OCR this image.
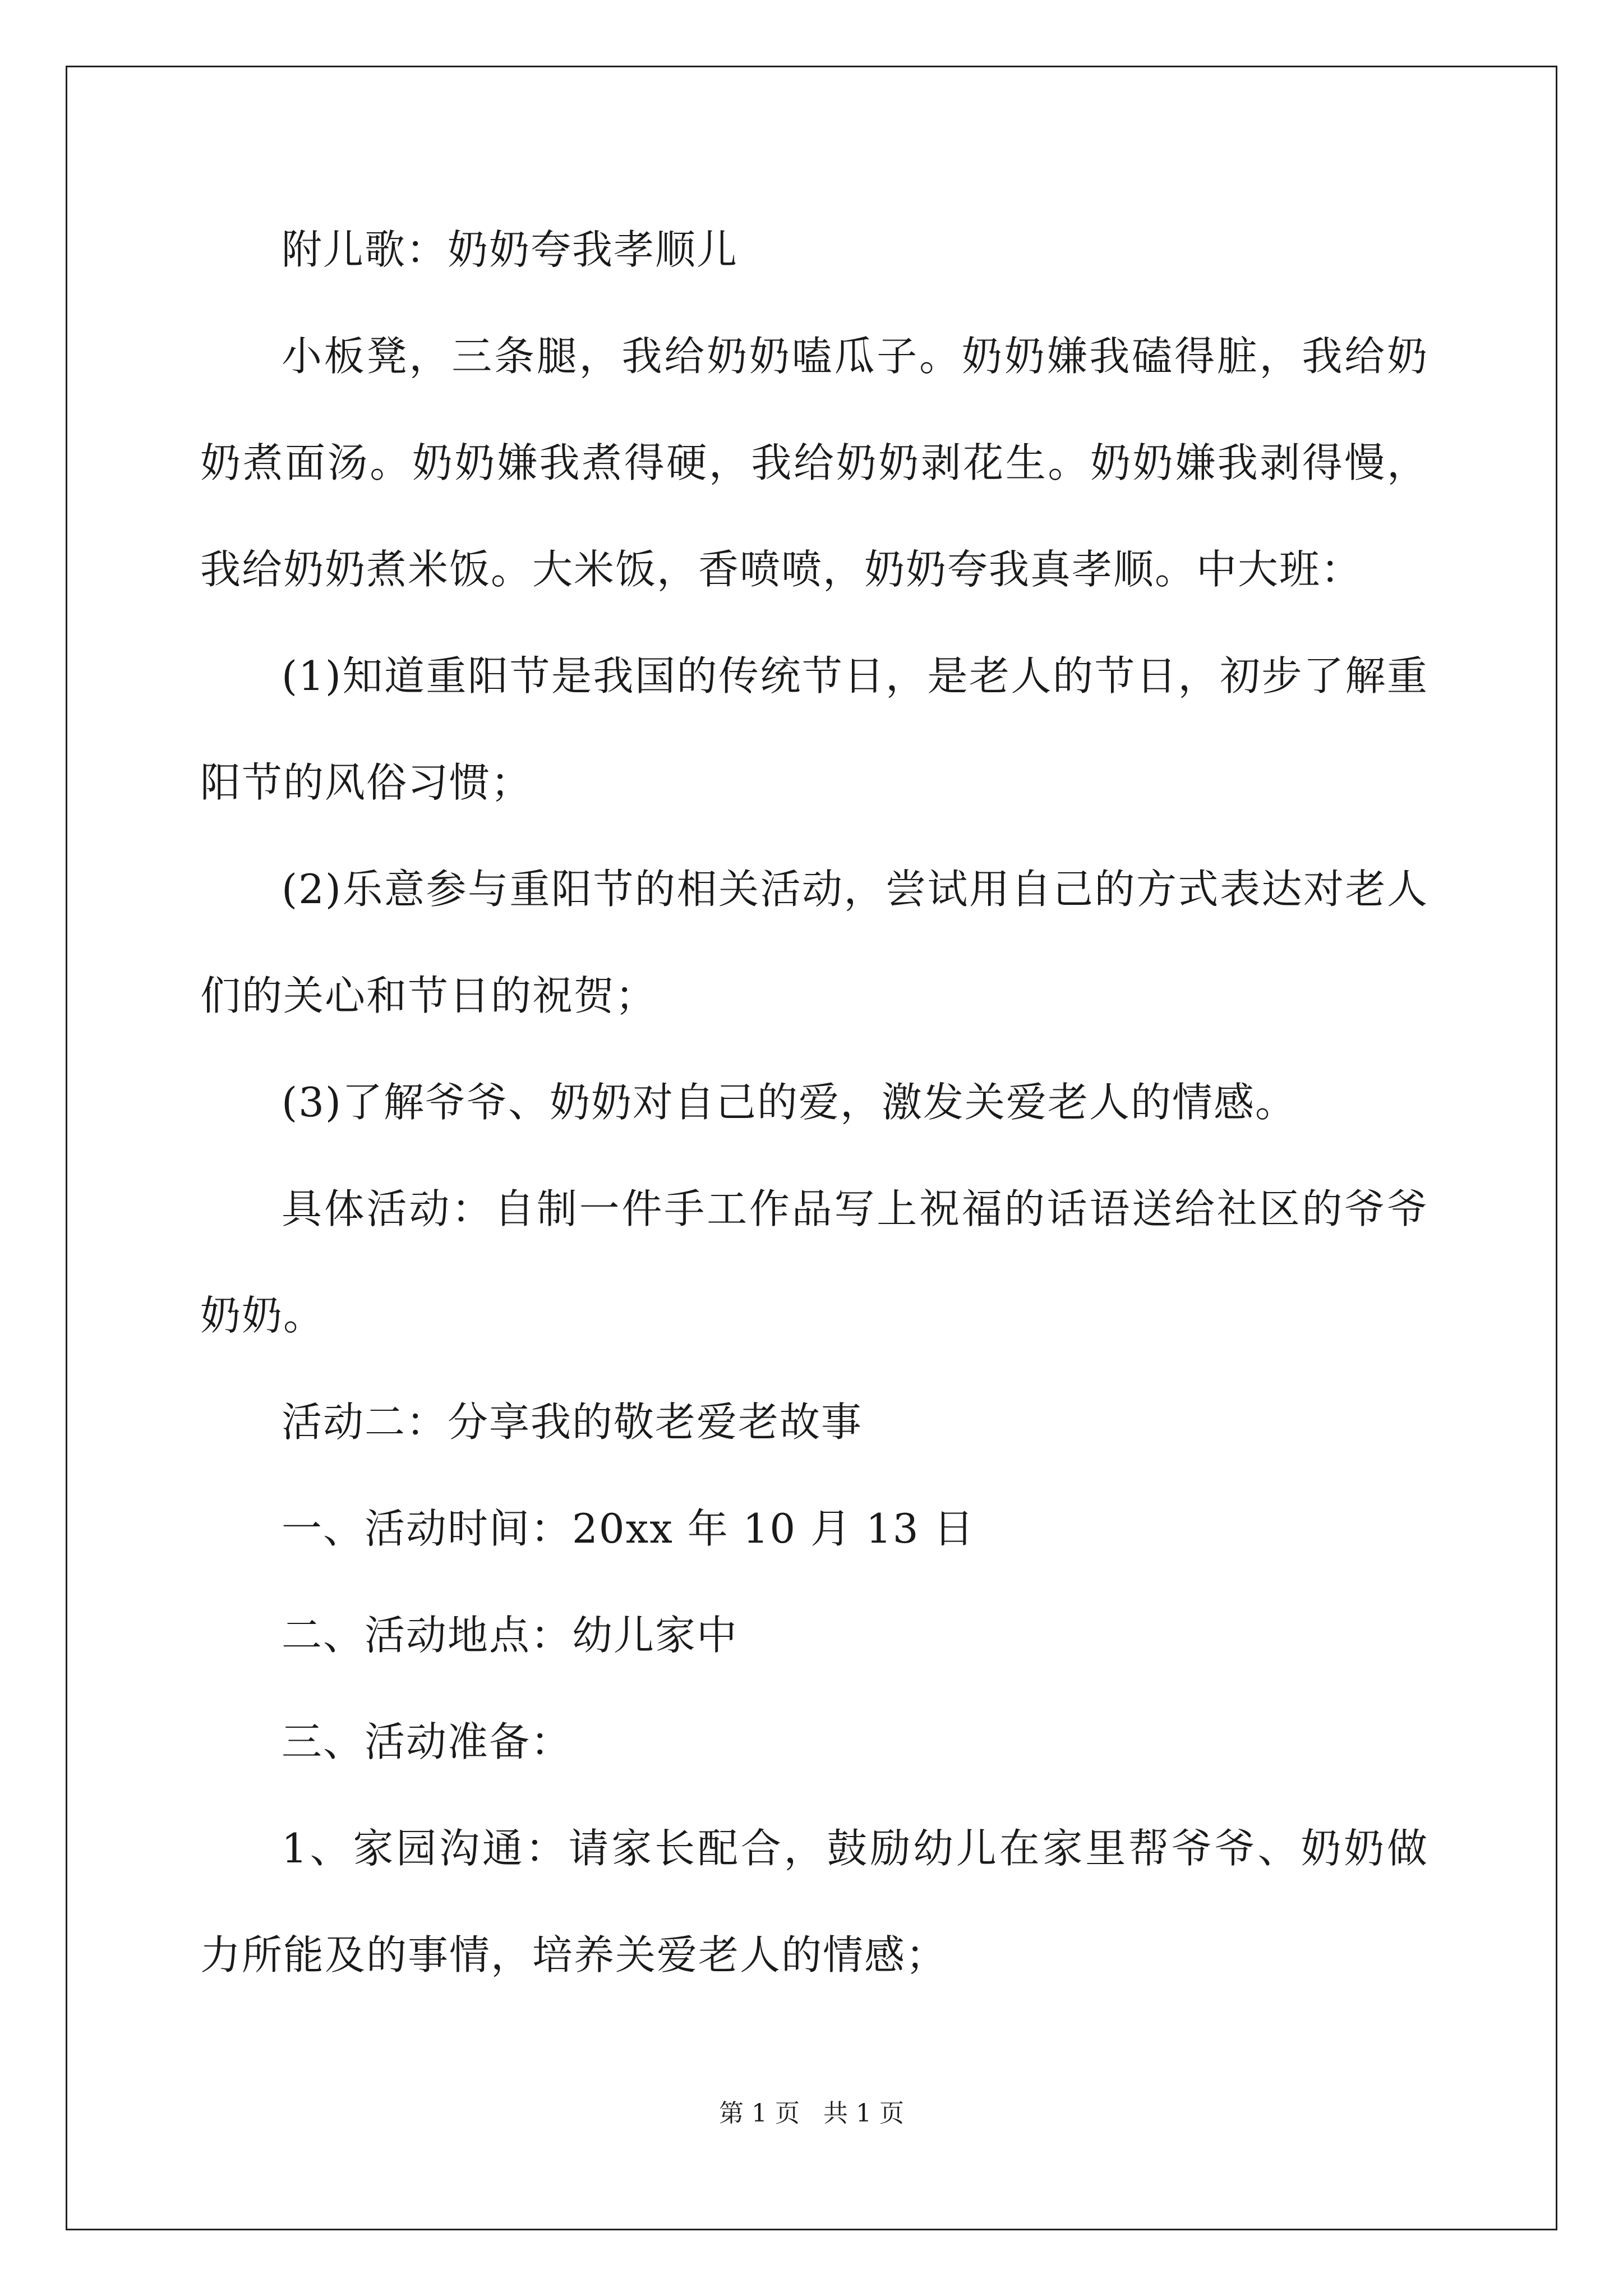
附儿歌：奶奶夸我孝顺儿

小板凳，三条腿，我给奶奶嗑瓜子。奶奶嫌我磕得脏，我给奶奶煮面汤。奶奶嫌我煮得硬，我给奶奶剥花生。奶奶嫌我剥得慢，我给奶奶煮米饭。大米饭，香喷喷，奶奶夸我真孝顺。中大班：

(1)知道重阳节是我国的传统节日，是老人的节日，初步了解重阳节的风俗习惯；

(2)乐意参与重阳节的相关活动，尝试用自己的方式表达对老人们的关心和节日的祝贺；

(3)了解爷爷、奶奶对自己的爱，激发关爱老人的情感。

具体活动：自制一件手工作品写上祝福的话语送给社区的爷爷奶奶。

活动二：分享我的敬老爱老故事

一、活动时间：20xx 年 10 月 13 日

二、活动地点：幼儿家中

三、活动准备：

1、家园沟通：请家长配合，鼓励幼儿在家里帮爷爷、奶奶做力所能及的事情，培养关爱老人的情感；

第 1 页 共 1 页
